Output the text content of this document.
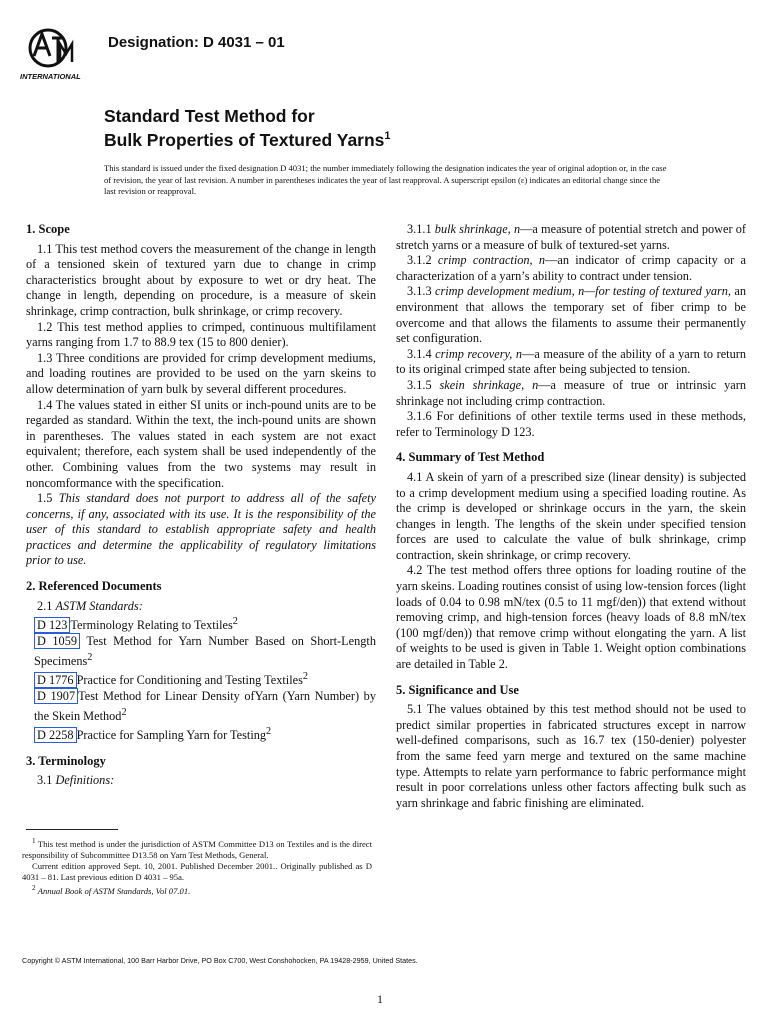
INTERNATIONAL
Designation: D 4031 – 01
Standard Test Method for
Bulk Properties of Textured Yarns$^1$
This standard is issued under the fixed designation D 4031; the number immediately following the designation indicates the year of original adoption or, in the case of revision, the year of last revision. A number in parentheses indicates the year of last reapproval. A superscript epsilon (ε) indicates an editorial change since the last revision or reapproval.
1. Scope

1.1 This test method covers the measurement of the change in length of a tensioned skein of textured yarn due to change in crimp characteristics brought about by exposure to wet or dry heat. The change in length, depending on procedure, is a measure of skein shrinkage, crimp contraction, bulk shrinkage, or crimp recovery.

1.2 This test method applies to crimped, continuous multifilament yarns ranging from 1.7 to 88.9 tex (15 to 800 denier).

1.3 Three conditions are provided for crimp development mediums, and loading routines are provided to be used on the yarn skeins to allow determination of yarn bulk by several different procedures.

1.4 The values stated in either SI units or inch-pound units are to be regarded as standard. Within the text, the inch-pound units are shown in parentheses. The values stated in each system are not exact equivalent; therefore, each system shall be used independently of the other. Combining values from the two systems may result in noncomformance with the specification.

1.5 This standard does not purport to address all of the safety concerns, if any, associated with its use. It is the responsibility of the user of this standard to establish appropriate safety and health practices and determine the applicability of regulatory limitations prior to use.

2. Referenced Documents

2.1 ASTM Standards:

D 123 Terminology Relating to Textiles$^2$
D 1059 Test Method for Yarn Number Based on Short-Length Specimens$^2$
D 1776 Practice for Conditioning and Testing Textiles$^2$
D 1907 Test Method for Linear Density ofYarn (Yarn Number) by the Skein Method$^2$
D 2258 Practice for Sampling Yarn for Testing$^2$
3. Terminology

3.1 Definitions:

3.1.1 bulk shrinkage, n—a measure of potential stretch and power of stretch yarns or a measure of bulk of textured-set yarns.

3.1.2 crimp contraction, n—an indicator of crimp capacity or a characterization of a yarn’s ability to contract under tension.

3.1.3 crimp development medium, n—for testing of textured yarn, an environment that allows the temporary set of fiber crimp to be overcome and that allows the filaments to assume their permanently set configuration.

3.1.4 crimp recovery, n—a measure of the ability of a yarn to return to its original crimped state after being subjected to tension.

3.1.5 skein shrinkage, n—a measure of true or intrinsic yarn shrinkage not including crimp contraction.

3.1.6 For definitions of other textile terms used in these methods, refer to Terminology D 123.

4. Summary of Test Method

4.1 A skein of yarn of a prescribed size (linear density) is subjected to a crimp development medium using a specified loading routine. As the crimp is developed or shrinkage occurs in the yarn, the skein changes in length. The lengths of the skein under specified tension forces are used to calculate the value of bulk shrinkage, crimp contraction, skein shrinkage, or crimp recovery.

4.2 The test method offers three options for loading routine of the yarn skeins. Loading routines consist of using low-tension forces (light loads of 0.04 to 0.98 mN/tex (0.5 to 11 mgf/den)) that extend without removing crimp, and high-tension forces (heavy loads of 8.8 mN/tex (100 mgf/den)) that remove crimp without elongating the yarn. A list of weights to be used is given in Table 1. Weight option combinations are detailed in Table 2.

5. Significance and Use

5.1 The values obtained by this test method should not be used to predict similar properties in fabricated structures except in narrow well-defined comparisons, such as 16.7 tex (150-denier) polyester from the same feed yarn merge and textured on the same machine type. Attempts to relate yarn performance to fabric performance might result in poor correlations unless other factors affecting bulk such as yarn shrinkage and fabric finishing are eliminated.

$^1$ This test method is under the jurisdiction of ASTM Committee D13 on Textiles and is the direct responsibility of Subcommittee D13.58 on Yarn Test Methods, General.

Current edition approved Sept. 10, 2001. Published December 2001.. Originally published as D 4031 – 81. Last previous edition D 4031 – 95a.

$^2$ Annual Book of ASTM Standards, Vol 07.01.

Copyright © ASTM International, 100 Barr Harbor Drive, PO Box C700, West Conshohocken, PA 19428-2959, United States.
1
